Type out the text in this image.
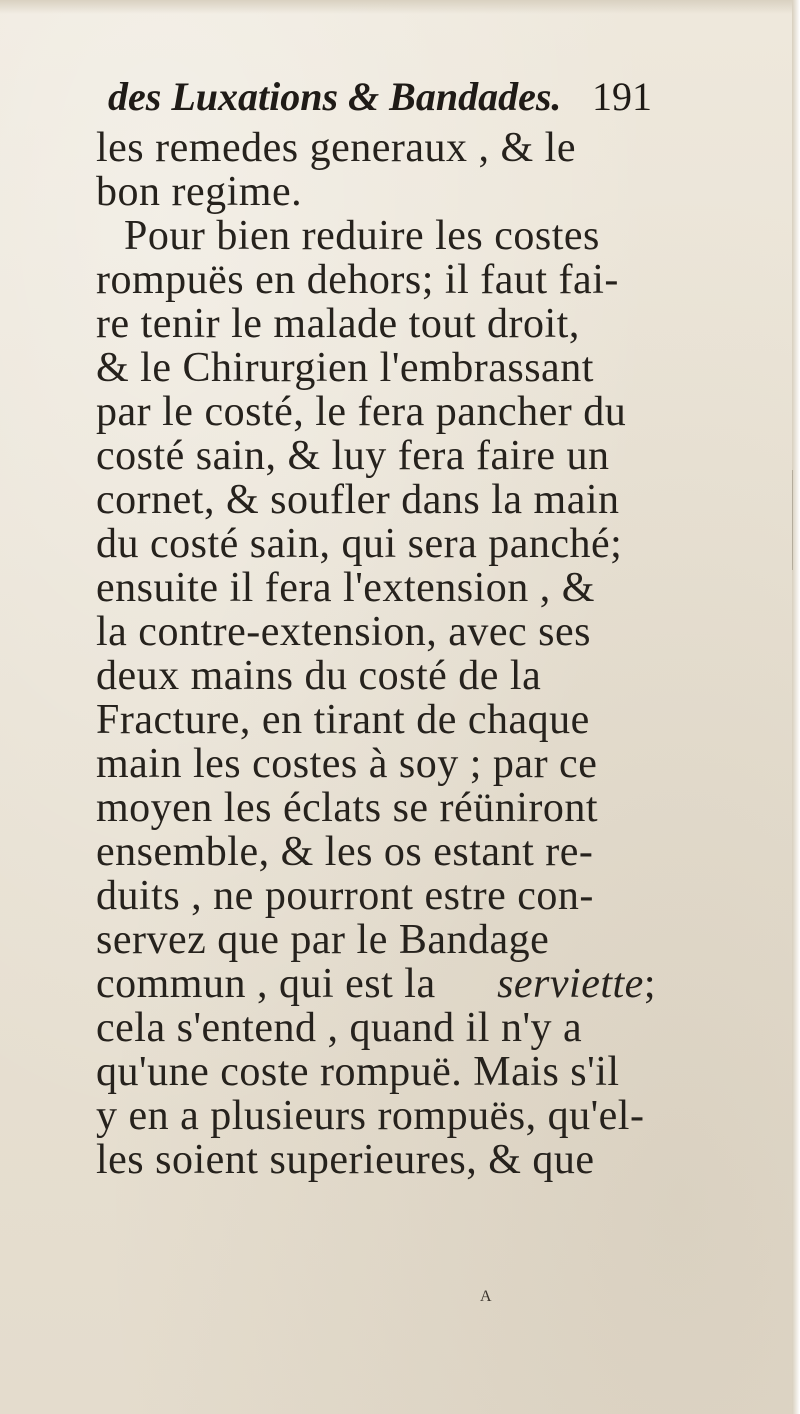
des Luxations & Bandades. 191
les remedes generaux , & le
bon regime.
Pour bien reduire les costes
rompuës en dehors; il faut fai-
re tenir le malade tout droit,
& le Chirurgien l'embrassant
par le costé, le fera pancher du
costé sain, & luy fera faire un
cornet, & soufler dans la main
du costé sain, qui sera panché;
ensuite il fera l'extension , &
la contre-extension, avec ses
deux mains du costé de la
Fracture, en tirant de chaque
main les costes à soy ; par ce
moyen les éclats se réüniront
ensemble, & les os estant re-
duits , ne pourront estre con-
servez que par le Bandage
commun , qui est la serviette;
cela s'entend , quand il n'y a
qu'une coste rompuë. Mais s'il
y en a plusieurs rompuës, qu'el-
les soient superieures, & que
A
